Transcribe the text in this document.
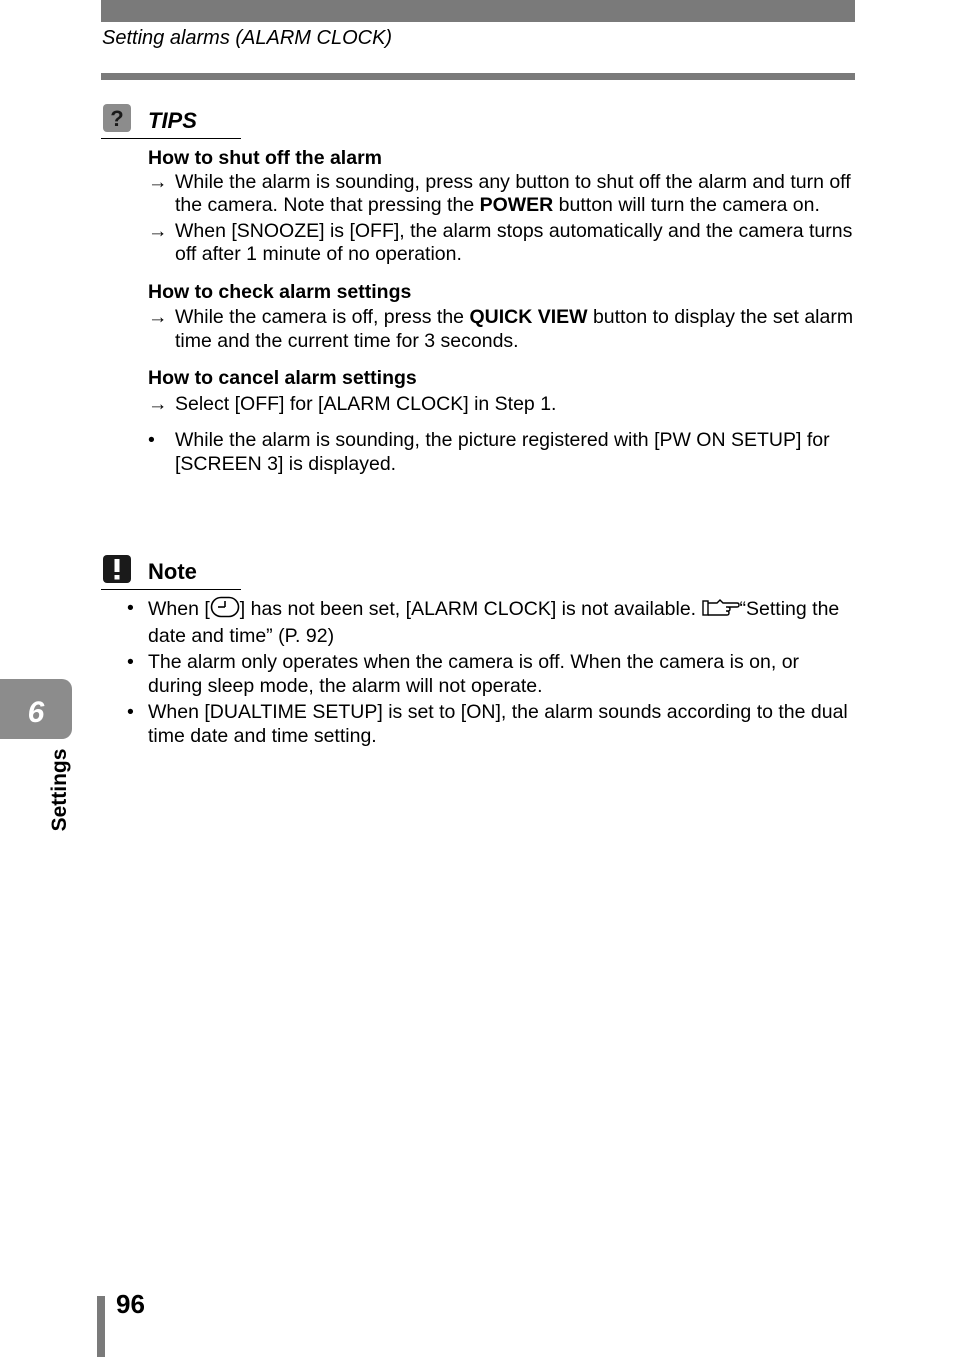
Setting alarms (ALARM CLOCK)
? TIPS

How to shut off the alarm

→ While the alarm is sounding, press any button to shut off the alarm and turn off the camera. Note that pressing the POWER button will turn the camera on.

→ When [SNOOZE] is [OFF], the alarm stops automatically and the camera turns off after 1 minute of no operation.

How to check alarm settings

→ While the camera is off, press the QUICK VIEW button to display the set alarm time and the current time for 3 seconds.

How to cancel alarm settings

→ Select [OFF] for [ALARM CLOCK] in Step 1.

• While the alarm is sounding, the picture registered with [PW ON SETUP] for [SCREEN 3] is displayed.

Note

• When [ ] has not been set, [ALARM CLOCK] is not available. “Setting the date and time” (P. 92)

• The alarm only operates when the camera is off. When the camera is on, or during sleep mode, the alarm will not operate.

• When [DUALTIME SETUP] is set to [ON], the alarm sounds according to the dual time date and time setting.

6
Settings
96
